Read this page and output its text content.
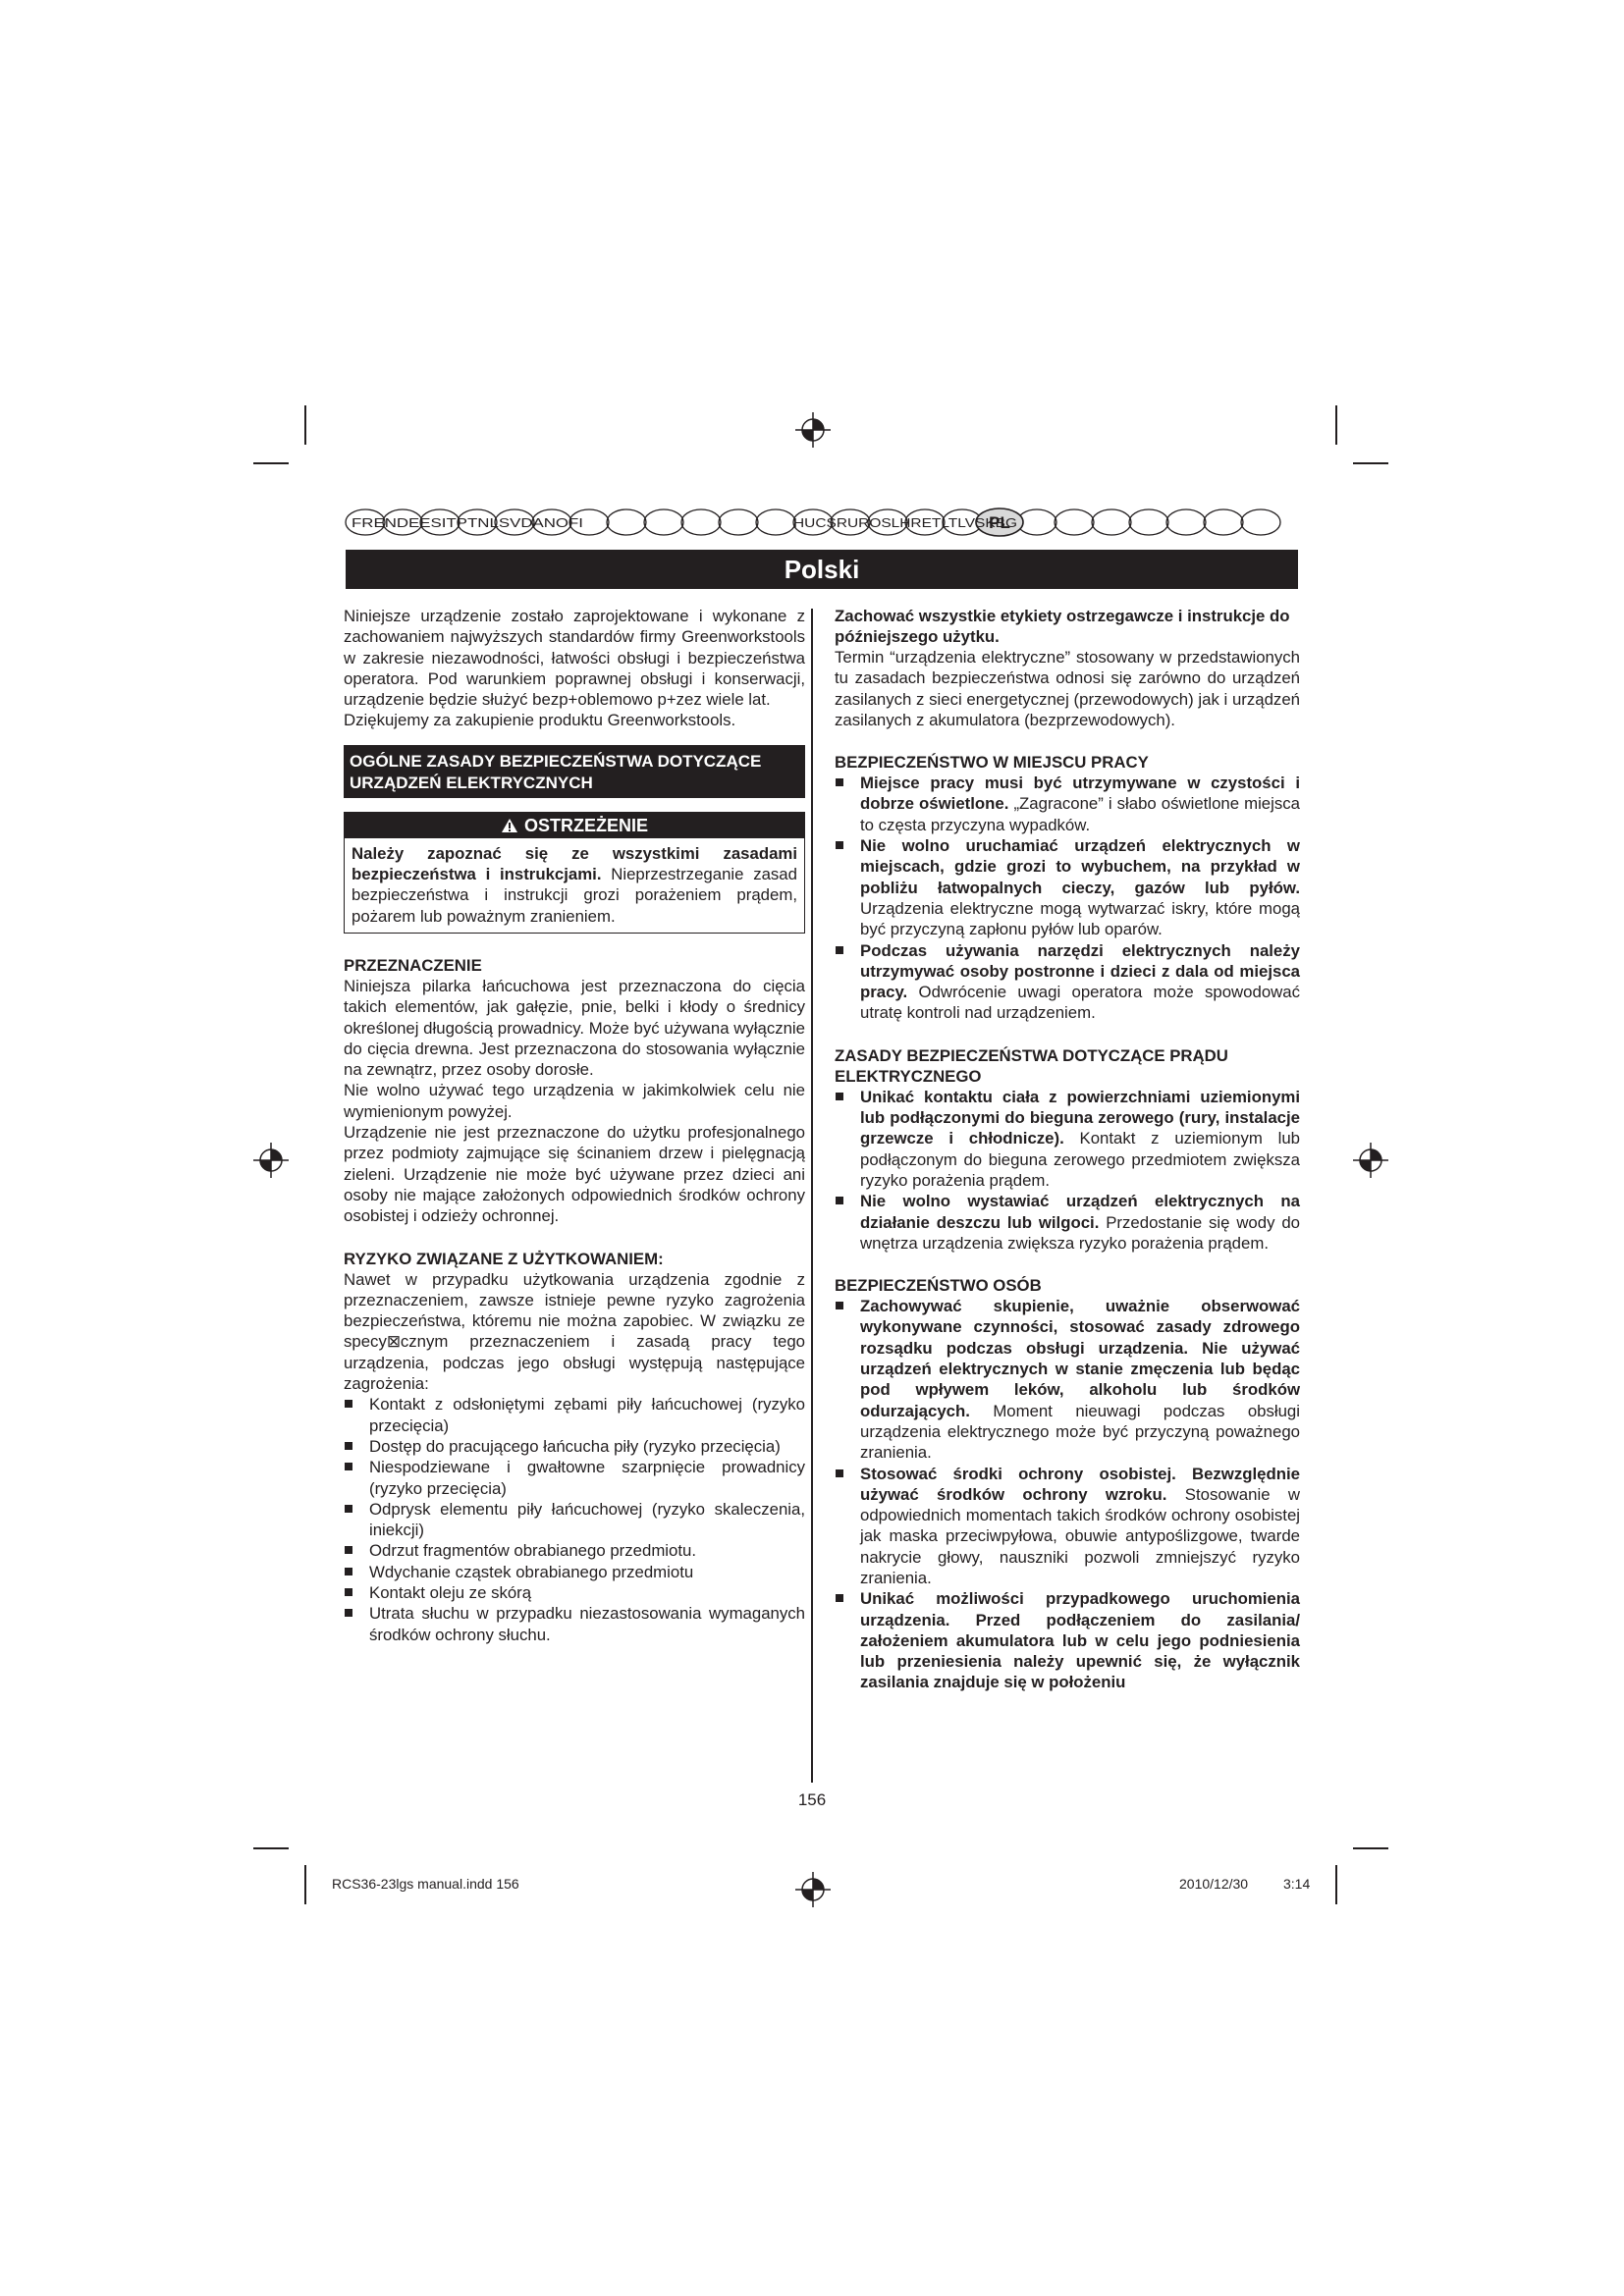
FRENDEESITPTNLSVDANOFI	HUCSRUROSLHRETLTLVSKBG
PL
Polski

Niniejsze urządzenie zostało zaprojektowane i wykonane z zachowaniem najwyższych standardów firmy Greenworkstools w zakresie niezawodności, łatwości obsługi i bezpieczeństwa operatora. Pod warunkiem poprawnej obsługi i konserwacji, urządzenie będzie służyć bezp+oblemowo p+zez wiele lat.

Dziękujemy za zakupienie produktu Greenworkstools.

OGÓLNE ZASADY BEZPIECZEŃSTWA DOTYCZĄCE URZĄDZEŃ ELEKTRYCZNYCH
OSTRZEŻENIE
Należy zapoznać się ze wszystkimi zasadami bezpieczeństwa i instrukcjami. Nieprzestrzeganie zasad bezpieczeństwa i instrukcji grozi porażeniem prądem, pożarem lub poważnym zranieniem.
PRZEZNACZENIE

Niniejsza pilarka łańcuchowa jest przeznaczona do cięcia takich elementów, jak gałęzie, pnie, belki i kłody o średnicy określonej długością prowadnicy. Może być używana wyłącznie do cięcia drewna. Jest przeznaczona do stosowania wyłącznie na zewnątrz, przez osoby dorosłe.

Nie wolno używać tego urządzenia w jakimkolwiek celu nie wymienionym powyżej.

Urządzenie nie jest przeznaczone do użytku profesjonalnego przez podmioty zajmujące się ścinaniem drzew i pielęgnacją zieleni. Urządzenie nie może być używane przez dzieci ani osoby nie mające założonych odpowiednich środków ochrony osobistej i odzieży ochronnej.

RYZYKO ZWIĄZANE Z UŻYTKOWANIEM:

Nawet w przypadku użytkowania urządzenia zgodnie z przeznaczeniem, zawsze istnieje pewne ryzyko zagrożenia bezpieczeństwa, któremu nie można zapobiec. W związku ze specy⊠cznym przeznaczeniem i zasadą pracy tego urządzenia, podczas jego obsługi występują następujące zagrożenia:

Kontakt z odsłoniętymi zębami piły łańcuchowej (ryzyko przecięcia)
Dostęp do pracującego łańcucha piły (ryzyko przecięcia)
Niespodziewane i gwałtowne szarpnięcie prowadnicy (ryzyko przecięcia)
Odprysk elementu piły łańcuchowej (ryzyko skaleczenia, iniekcji)
Odrzut fragmentów obrabianego przedmiotu.
Wdychanie cząstek obrabianego przedmiotu
Kontakt oleju ze skórą
Utrata słuchu w przypadku niezastosowania wymaganych środków ochrony słuchu.
Zachować wszystkie etykiety ostrzegawcze i instrukcje do późniejszego użytku.

Termin “urządzenia elektryczne” stosowany w przedstawionych tu zasadach bezpieczeństwa odnosi się zarówno do urządzeń zasilanych z sieci energetycznej (przewodowych) jak i urządzeń zasilanych z akumulatora (bezprzewodowych).

BEZPIECZEŃSTWO W MIEJSCU PRACY
Miejsce pracy musi być utrzymywane w czystości i dobrze oświetlone. „Zagracone” i słabo oświetlone miejsca to częsta przyczyna wypadków.
Nie wolno uruchamiać urządzeń elektrycznych w miejscach, gdzie grozi to wybuchem, na przykład w pobliżu łatwopalnych cieczy, gazów lub pyłów. Urządzenia elektryczne mogą wytwarzać iskry, które mogą być przyczyną zapłonu pyłów lub oparów.
Podczas używania narzędzi elektrycznych należy utrzymywać osoby postronne i dzieci z dala od miejsca pracy. Odwrócenie uwagi operatora może spowodować utratę kontroli nad urządzeniem.
ZASADY BEZPIECZEŃSTWA DOTYCZĄCE PRĄDU ELEKTRYCZNEGO
Unikać kontaktu ciała z powierzchniami uziemionymi lub podłączonymi do bieguna zerowego (rury, instalacje grzewcze i chłodnicze). Kontakt z uziemionym lub podłączonym do bieguna zerowego przedmiotem zwiększa ryzyko porażenia prądem.
Nie wolno wystawiać urządzeń elektrycznych na działanie deszczu lub wilgoci. Przedostanie się wody do wnętrza urządzenia zwiększa ryzyko porażenia prądem.
BEZPIECZEŃSTWO OSÓB
Zachowywać skupienie, uważnie obserwować wykonywane czynności, stosować zasady zdrowego rozsądku podczas obsługi urządzenia. Nie używać urządzeń elektrycznych w stanie zmęczenia lub będąc pod wpływem leków, alkoholu lub środków odurzających. Moment nieuwagi podczas obsługi urządzenia elektrycznego może być przyczyną poważnego zranienia.
Stosować środki ochrony osobistej. Bezwzględnie używać środków ochrony wzroku. Stosowanie w odpowiednich momentach takich środków ochrony osobistej jak maska przeciwpyłowa, obuwie antypoślizgowe, twarde nakrycie głowy, nauszniki pozwoli zmniejszyć ryzyko zranienia.
Unikać możliwości przypadkowego uruchomienia urządzenia. Przed podłączeniem do zasilania/ założeniem akumulatora lub w celu jego podniesienia lub przeniesienia należy upewnić się, że wyłącznik zasilania znajduje się w położeniu
156
RCS36-23lgs manual.indd 156	2010/12/30	3:14
